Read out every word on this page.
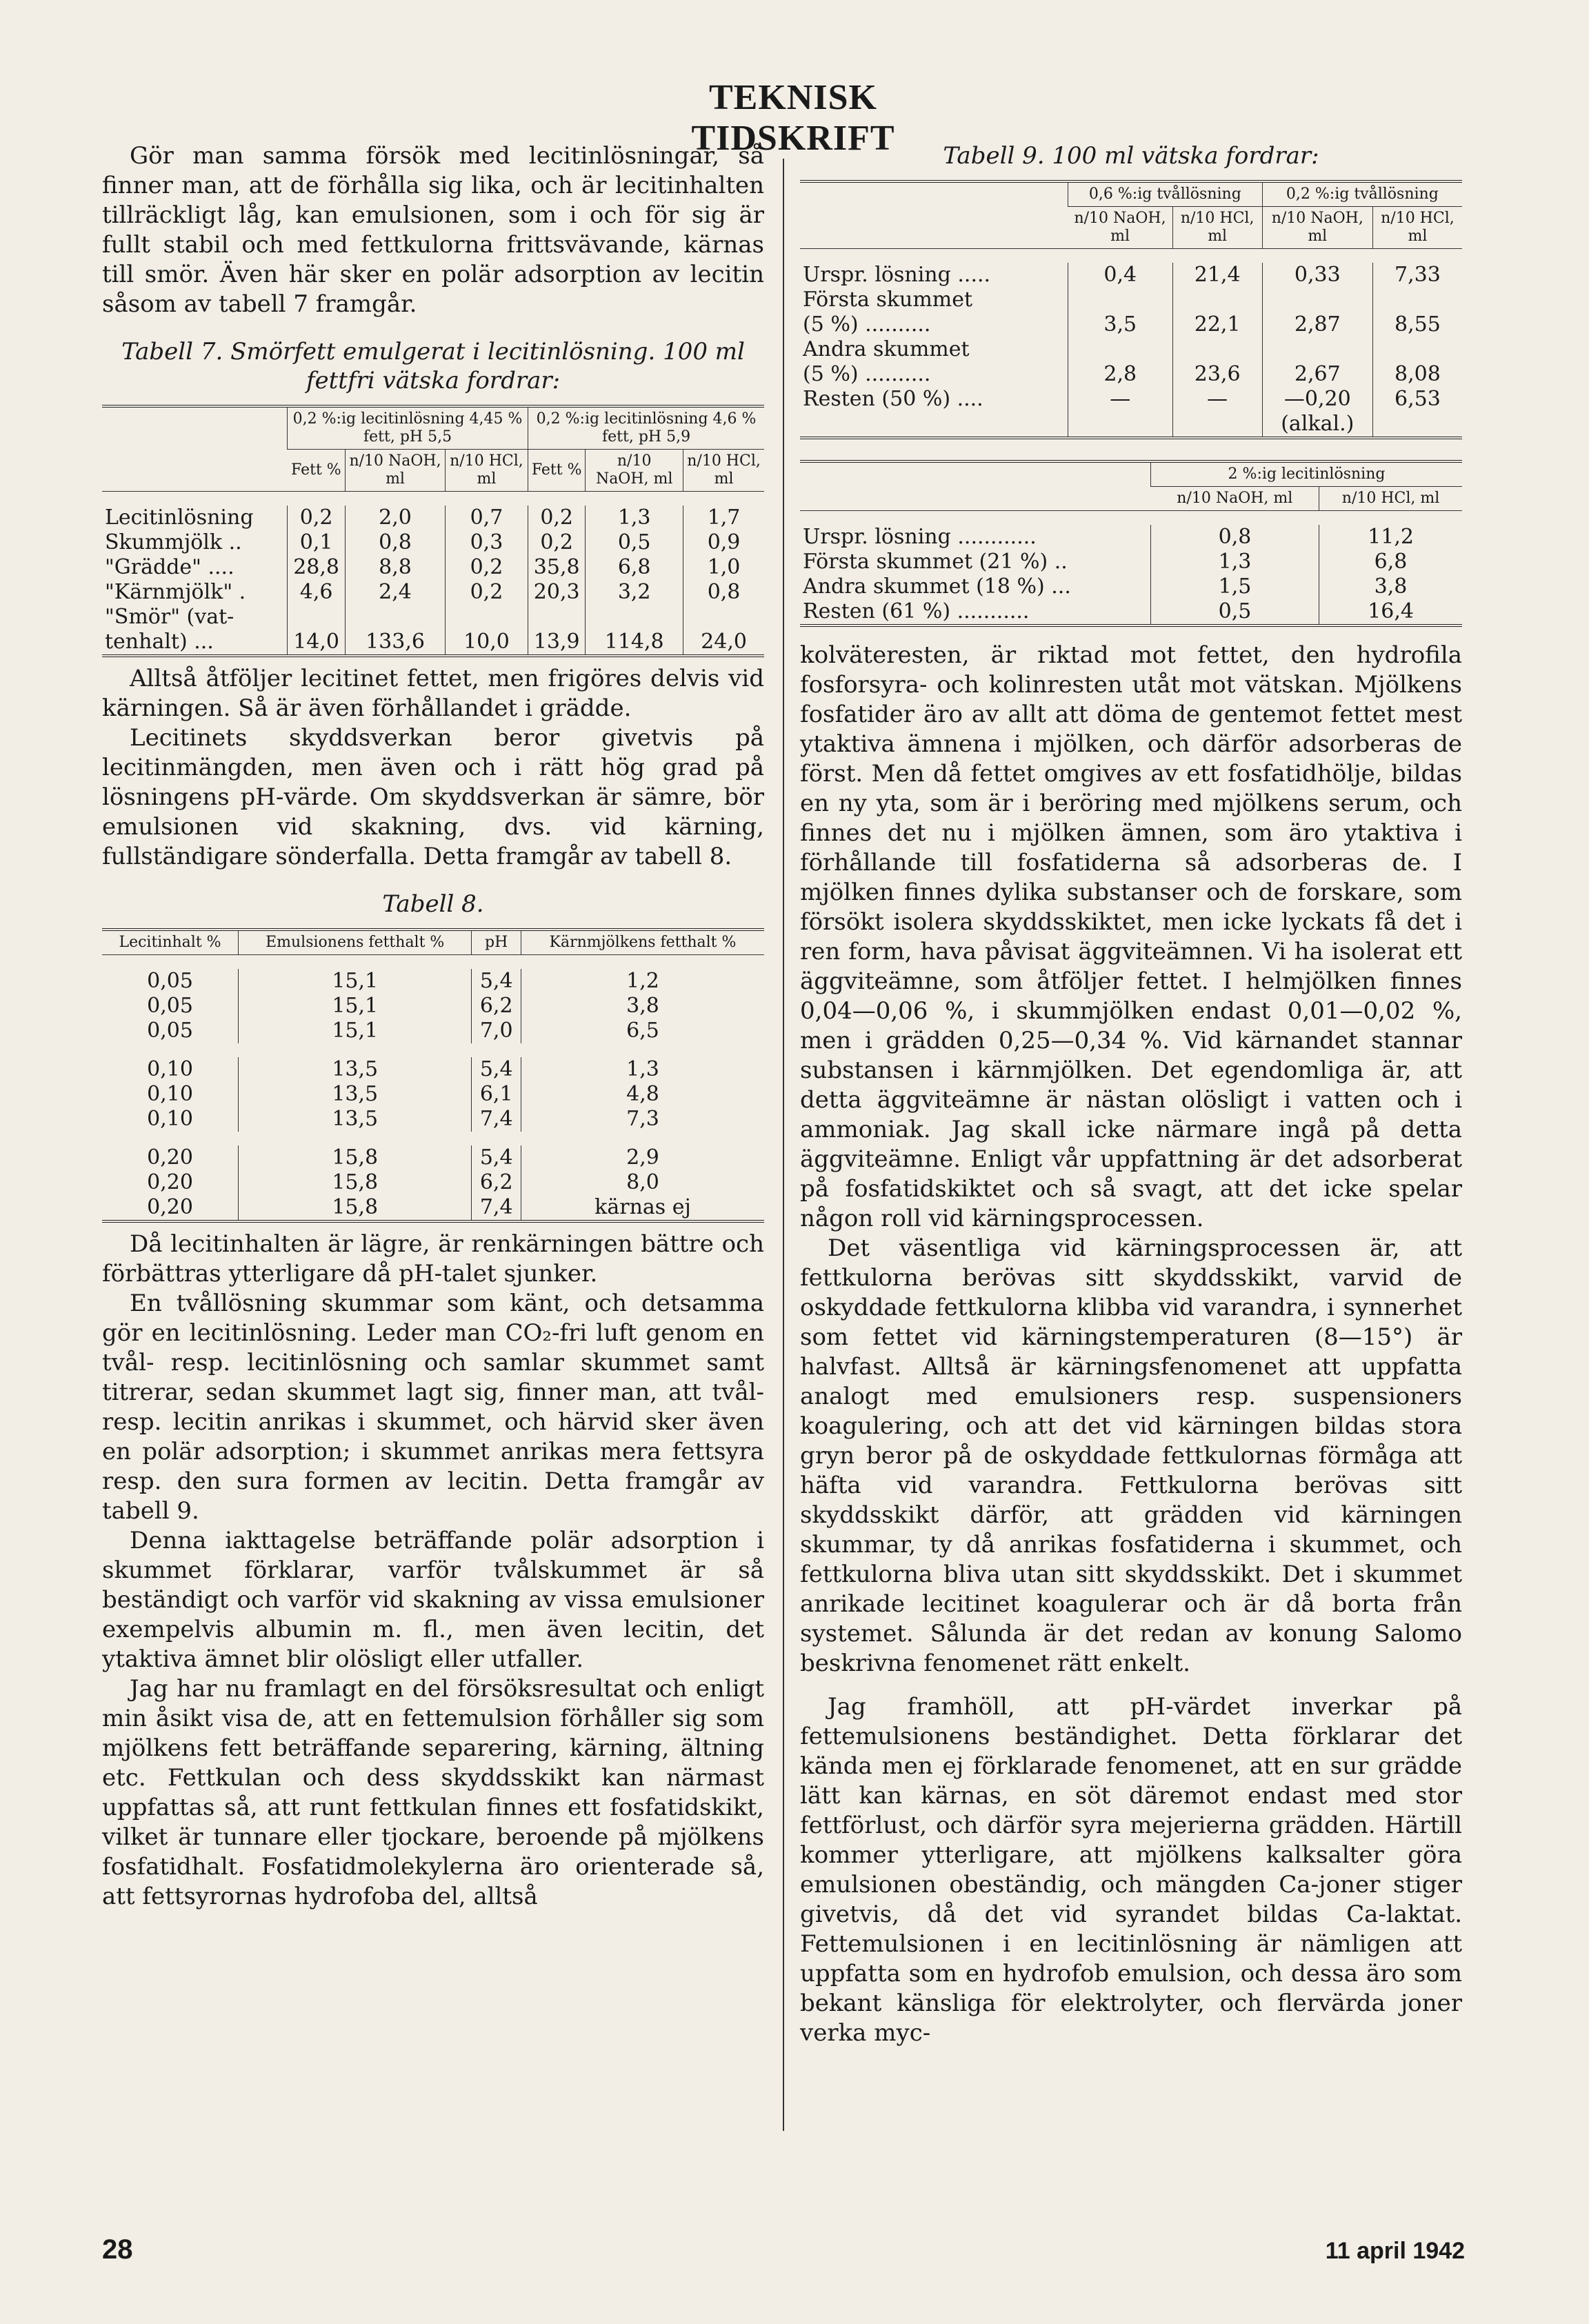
TEKNISK TIDSKRIFT

Gör man samma försök med lecitinlösningar, så finner man, att de förhålla sig lika, och är lecitinhalten tillräckligt låg, kan emulsionen, som i och för sig är fullt stabil och med fettkulorna frittsvävande, kärnas till smör. Även här sker en polär adsorption av lecitin såsom av tabell 7 framgår.

Tabell 7. Smörfett emulgerat i lecitinlösning. 100 ml fettfri vätska fordrar:
	0,2 %:ig lecitinlösning 4,45 % fett, pH 5,5			0,2 %:ig lecitinlösning 4,6 % fett, pH 5,9		
	Fett %	n/10 NaOH, ml	n/10 HCl, ml	Fett %	n/10 NaOH, ml	n/10 HCl, ml

Lecitinlösning	0,2	2,0	0,7	0,2	1,3	1,7
Skummjölk ..	0,1	0,8	0,3	0,2	0,5	0,9
"Grädde" ....	28,8	8,8	0,2	35,8	6,8	1,0
"Kärnmjölk" .	4,6	2,4	0,2	20,3	3,2	0,8
"Smör" (vat-						
tenhalt) ...	14,0	133,6	10,0	13,9	114,8	24,0

Alltså åtföljer lecitinet fettet, men frigöres delvis vid kärningen. Så är även förhållandet i grädde.

Lecitinets skyddsverkan beror givetvis på lecitinmängden, men även och i rätt hög grad på lösningens pH-värde. Om skyddsverkan är sämre, bör emulsionen vid skakning, dvs. vid kärning, fullständigare sönderfalla. Detta framgår av tabell 8.

Tabell 8.
Lecitinhalt %	Emulsionens fetthalt %	pH	Kärnmjölkens fetthalt %

0,05	15,1	5,4	1,2
0,05	15,1	6,2	3,8
0,05	15,1	7,0	6,5

0,10	13,5	5,4	1,3
0,10	13,5	6,1	4,8
0,10	13,5	7,4	7,3

0,20	15,8	5,4	2,9
0,20	15,8	6,2	8,0
0,20	15,8	7,4	kärnas ej

Då lecitinhalten är lägre, är renkärningen bättre och förbättras ytterligare då pH-talet sjunker.

En tvållösning skummar som känt, och detsamma gör en lecitinlösning. Leder man CO₂-fri luft genom en tvål- resp. lecitinlösning och samlar skummet samt titrerar, sedan skummet lagt sig, finner man, att tvål- resp. lecitin anrikas i skummet, och härvid sker även en polär adsorption; i skummet anrikas mera fettsyra resp. den sura formen av lecitin. Detta framgår av tabell 9.

Denna iakttagelse beträffande polär adsorption i skummet förklarar, varför tvålskummet är så beständigt och varför vid skakning av vissa emulsioner exempelvis albumin m. fl., men även lecitin, det ytaktiva ämnet blir olösligt eller utfaller.

Jag har nu framlagt en del försöksresultat och enligt min åsikt visa de, att en fettemulsion förhåller sig som mjölkens fett beträffande separering, kärning, ältning etc. Fettkulan och dess skyddsskikt kan närmast uppfattas så, att runt fettkulan finnes ett fosfatidskikt, vilket är tunnare eller tjockare, beroende på mjölkens fosfatidhalt. Fosfatidmolekylerna äro orienterade så, att fettsyrornas hydrofoba del, alltså

Tabell 9. 100 ml vätska fordrar:
	0,6 %:ig tvållösning		0,2 %:ig tvållösning	
	n/10 NaOH, ml	n/10 HCl, ml	n/10 NaOH, ml	n/10 HCl, ml

Urspr. lösning .....	0,4	21,4	0,33	7,33
Första skummet				
(5 %) ..........	3,5	22,1	2,87	8,55
Andra skummet				
(5 %) ..........	2,8	23,6	2,67	8,08
Resten (50 %) ....	—	—	—0,20	6,53
			(alkal.)	
	2 %:ig lecitinlösning	
	n/10 NaOH, ml	n/10 HCl, ml

Urspr. lösning ............	0,8	11,2
Första skummet (21 %) ..	1,3	6,8
Andra skummet (18 %) ...	1,5	3,8
Resten (61 %) ...........	0,5	16,4

kolväteresten, är riktad mot fettet, den hydrofila fosforsyra- och kolinresten utåt mot vätskan. Mjölkens fosfatider äro av allt att döma de gentemot fettet mest ytaktiva ämnena i mjölken, och därför adsorberas de först. Men då fettet omgives av ett fosfatidhölje, bildas en ny yta, som är i beröring med mjölkens serum, och finnes det nu i mjölken ämnen, som äro ytaktiva i förhållande till fosfatiderna så adsorberas de. I mjölken finnes dylika substanser och de forskare, som försökt isolera skyddsskiktet, men icke lyckats få det i ren form, hava påvisat äggviteämnen. Vi ha isolerat ett äggviteämne, som åtföljer fettet. I helmjölken finnes 0,04—0,06 %, i skummjölken endast 0,01—0,02 %, men i grädden 0,25—0,34 %. Vid kärnandet stannar substansen i kärnmjölken. Det egendomliga är, att detta äggviteämne är nästan olösligt i vatten och i ammoniak. Jag skall icke närmare ingå på detta äggviteämne. Enligt vår uppfattning är det adsorberat på fosfatidskiktet och så svagt, att det icke spelar någon roll vid kärningsprocessen.

Det väsentliga vid kärningsprocessen är, att fettkulorna berövas sitt skyddsskikt, varvid de oskyddade fettkulorna klibba vid varandra, i synnerhet som fettet vid kärningstemperaturen (8—15°) är halvfast. Alltså är kärningsfenomenet att uppfatta analogt med emulsioners resp. suspensioners koagulering, och att det vid kärningen bildas stora gryn beror på de oskyddade fettkulornas förmåga att häfta vid varandra. Fettkulorna berövas sitt skyddsskikt därför, att grädden vid kärningen skummar, ty då anrikas fosfatiderna i skummet, och fettkulorna bliva utan sitt skyddsskikt. Det i skummet anrikade lecitinet koagulerar och är då borta från systemet. Sålunda är det redan av konung Salomo beskrivna fenomenet rätt enkelt.

Jag framhöll, att pH-värdet inverkar på fettemulsionens beständighet. Detta förklarar det kända men ej förklarade fenomenet, att en sur grädde lätt kan kärnas, en söt däremot endast med stor fettförlust, och därför syra mejerierna grädden. Härtill kommer ytterligare, att mjölkens kalksalter göra emulsionen obeständig, och mängden Ca-joner stiger givetvis, då det vid syrandet bildas Ca-laktat. Fettemulsionen i en lecitinlösning är nämligen att uppfatta som en hydrofob emulsion, och dessa äro som bekant känsliga för elektrolyter, och flervärda joner verka myc-

28	11 april 1942
